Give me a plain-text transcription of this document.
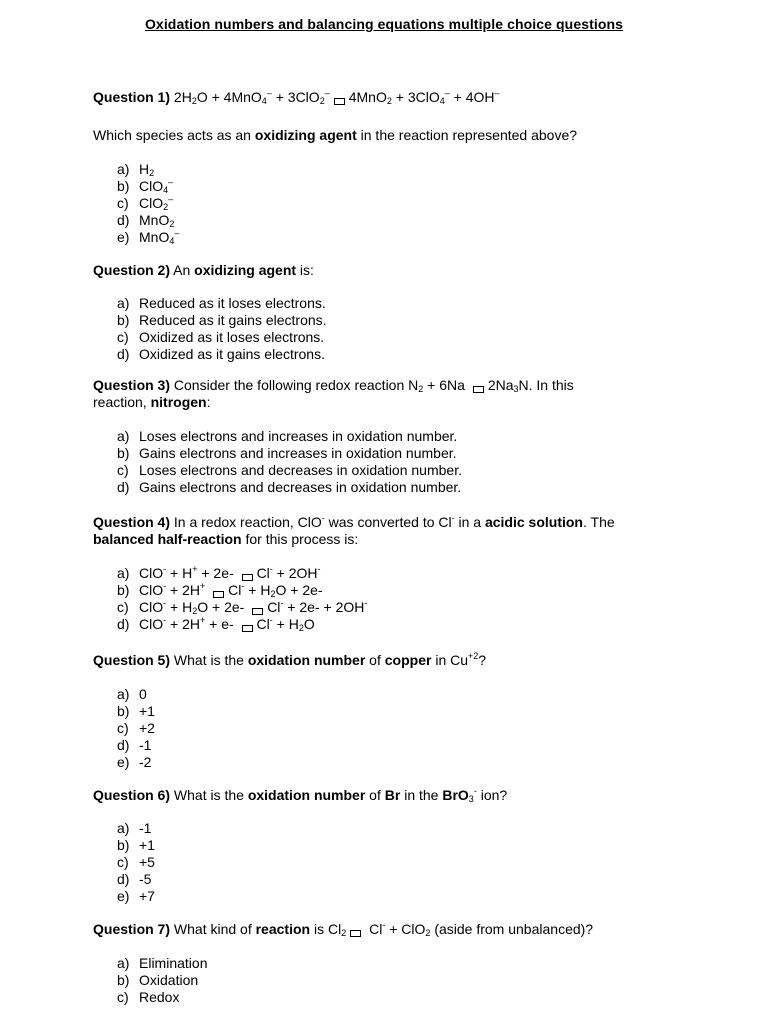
Oxidation numbers and balancing equations multiple choice questions
Question 1) $2H_2O + 4MnO_4^‒ + 3ClO_2^‒$ 4MnO$_2$ + 3ClO$_4$‒ + 4OH‒
Which species acts as an oxidizing agent in the reaction represented above?
a) $H_2$
b) ClO$_4$‒
c) ClO$_2$‒
d) MnO$_2$
e) MnO$_4$‒
Question 2) An oxidizing agent is:
a) Reduced as it loses electrons.
b) Reduced as it gains electrons.
c) Oxidized as it loses electrons.
d) Oxidized as it gains electrons.
Question 3) Consider the following redox reaction $N_2 + 6Na$ $2Na_3N$. In this
reaction, nitrogen:
a) Loses electrons and increases in oxidation number.
b) Gains electrons and increases in oxidation number.
c) Loses electrons and decreases in oxidation number.
d) Gains electrons and decreases in oxidation number.
Question 4) In a redox reaction, ClO- was converted to Cl- in a acidic solution. The
balanced half-reaction for this process is:
a) ClO- + H+ + 2e- Cl- + 2OH-
b) ClO- + 2H+ $Cl^- + H_2O + 2e-$
c) $ClO^- + H_2O + 2e-$ Cl- + 2e- + 2OH-
d) ClO- + 2H+ + e- $Cl^- + H_2O$
Question 5) What is the oxidation number of copper in $Cu^{+2}$?
a) 0
b) +1
c) +2
d) -1
e) -2
Question 6) What is the oxidation number of Br in the BrO$_3$- ion?
a) -1
b) +1
c) +5
d) -5
e) +7
Question 7) What kind of reaction is $Cl_2$ Cl- + ClO$_2$ (aside from unbalanced)?
a) Elimination
b) Oxidation
c) Redox
